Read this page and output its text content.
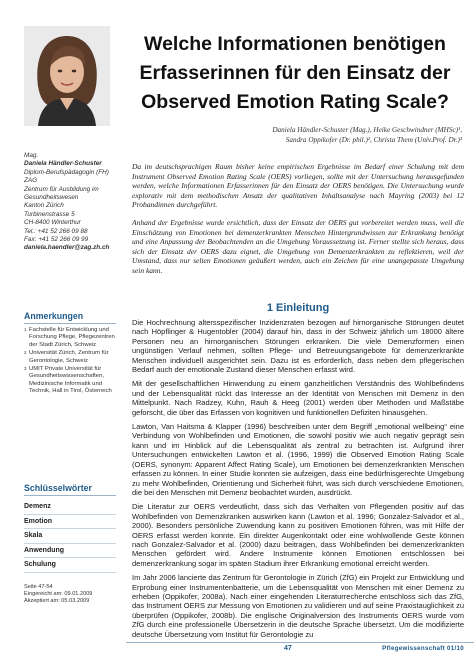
Welche Informationen benötigen
Erfasserinnen für den Einsatz der
Observed Emotion Rating Scale?
Daniela Händler-Schuster (Mag.), Heike Geschwindner (MHSc)¹,
Sandra Oppikofer (Dr. phil.)², Christa Them (Univ.Prof. Dr.)³
Mag.
Daniela Händler-Schuster
Diplom-Berufspädagogin (FH)
ZAG
Zentrum für Ausbildung im
Gesundheitswesen
Kanton Zürich
Turbinenstrasse 5
CH-8400 Winterthur
Tel.: +41 52 266 09 88
Fax: +41 52 266 09 99
daniela.haendler@zag.zh.ch
Anmerkungen
1 Fachstelle für Entwicklung und Forschung Pflege, Pflegezentren der Stadt Zürich, Schweiz
2 Universität Zürich, Zentrum für Gerontologie, Schweiz
3 UMIT Private Universität für Gesundheitswissenschaften, Medizinische Informatik und Technik, Hall in Tirol, Österreich
Schlüsselwörter
Demenz
Emotion
Skala
Anwendung
Schulung
Seite 47-54
Eingereicht am: 09.01.2009
Akzeptiert am: 05.03.2009

Da im deutschsprachigen Raum bisher keine empirischen Ergebnisse im Bedarf einer Schulung mit dem Instrument Observed Emotion Rating Scale (OERS) vorliegen, sollte mit der Untersuchung herausgefunden werden, welche Informationen Erfasserinnen für den Einsatz der OERS benötigen. Die Untersuchung wurde explorativ mit dem methodischen Ansatz der qualitativen Inhaltsanalyse nach Mayring (2003) bei 12 Probandinnen durchgeführt.

Anhand der Ergebnisse wurde ersichtlich, dass der Einsatz der OERS gut vorbereitet werden muss, weil die Einschätzung von Emotionen bei demenzerkrankten Menschen Hintergrundwissen zur Erkrankung benötigt und eine Anpassung der Beobachtenden an die Umgebung Voraussetzung ist. Ferner stellte sich heraus, dass sich der Einsatz der OERS dazu eignet, die Umgebung von Demenzerkrankten zu reflektieren, weil der Umstand, dass nur selten Emotionen geäußert werden, auch ein Zeichen für eine unangepasste Umgebung sein kann.

1 Einleitung

Die Hochrechnung altersspezifischer Inzidenzraten bezogen auf hirnorganische Störungen deutet nach Höpflinger & Hugentobler (2004) darauf hin, dass in der Schweiz jährlich um 18000 ältere Personen neu an hirnorganischen Störungen erkranken. Die viele Demenzformen einen ungünstigen Verlauf nehmen, sollten Pflege- und Betreuungsangebote für demenzerkrankte Menschen individuell ausgerichtet sein. Dazu ist es erforderlich, dass neben dem pflegerischen Bedarf auch der emotionale Zustand dieser Menschen erfasst wird.

Mit der gesellschaftlichen Hinwendung zu einem ganzheitlichen Verständnis des Wohlbefindens und der Lebensqualität rückt das Interesse an der Identität von Menschen mit Demenz in den Mittelpunkt. Nach Radzey, Kuhn, Rauh & Heeg (2001) werden über Methoden und Maßstäbe geforscht, die über das Erfassen von kognitiven und funktionellen Defiziten hinausgehen.

Lawton, Van Haitsma & Klapper (1996) beschreiben unter dem Begriff „emotional wellbeing“ eine Verbindung von Wohlbefinden und Emotionen, die sowohl positiv wie auch negativ geprägt sein kann und im Hinblick auf die Lebensqualität als zentral zu betrachten ist. Aufgrund ihrer Untersuchungen entwickelten Lawton et al. (1996, 1999) die Observed Emotion Rating Scale (OERS, synonym: Apparent Affect Rating Scale), um Emotionen bei demenzerkrankten Menschen erfassen zu können. In einer Studie konnten sie aufzeigen, dass eine bedürfnisgerechte Umgebung zu mehr Wohlbefinden, Orientierung und Sicherheit führt, was sich durch verschiedene Emotionen, die bei den Menschen mit Demenz beobachtet wurden, ausdrückt.

Die Literatur zur OERS verdeutlicht, dass sich das Verhalten von Pflegenden positiv auf das Wohlbefinden von Demenzkranken auswirken kann (Lawton et al. 1996; Gonzalez-Salvador et al., 2000). Besonders persönliche Zuwendung kann zu positiven Emotionen führen, was mit Hilfe der OERS erfasst werden konnte. Ein direkter Augenkontakt oder eine wohlwollende Geste können nach Gonzalez-Salvador et al. (2000) dazu beitragen, dass Wohlbefinden bei demenzerkrankten Menschen gefördert wird. Andere Instrumente können Emotionen entschlossen bei demenzerkrankung sogar im späten Stadium ihrer Erkrankung emotional erreicht werden.

Im Jahr 2006 lancierte das Zentrum für Gerontologie in Zürich (ZfG) ein Projekt zur Entwicklung und Erprobung einer Instrumentenbatterie, um die Lebensqualität von Menschen mit einer Demenz zu erheben (Oppikofer, 2008a). Nach einer eingehenden Literaturrecherche entschloss sich das ZfG, das Instrument OERS zur Messung von Emotionen zu validieren und auf seine Praxistauglichkeit zu überprüfen (Oppikofer, 2008b). Die englische Originalversion des Instruments OERS wurde vom ZfG durch eine professionelle Übersetzerin in die deutsche Sprache übersetzt. Um die modifizierte deutsche Übersetzung vom Institut für Gerontologie zu

47	Pflegewissenschaft 01/10
